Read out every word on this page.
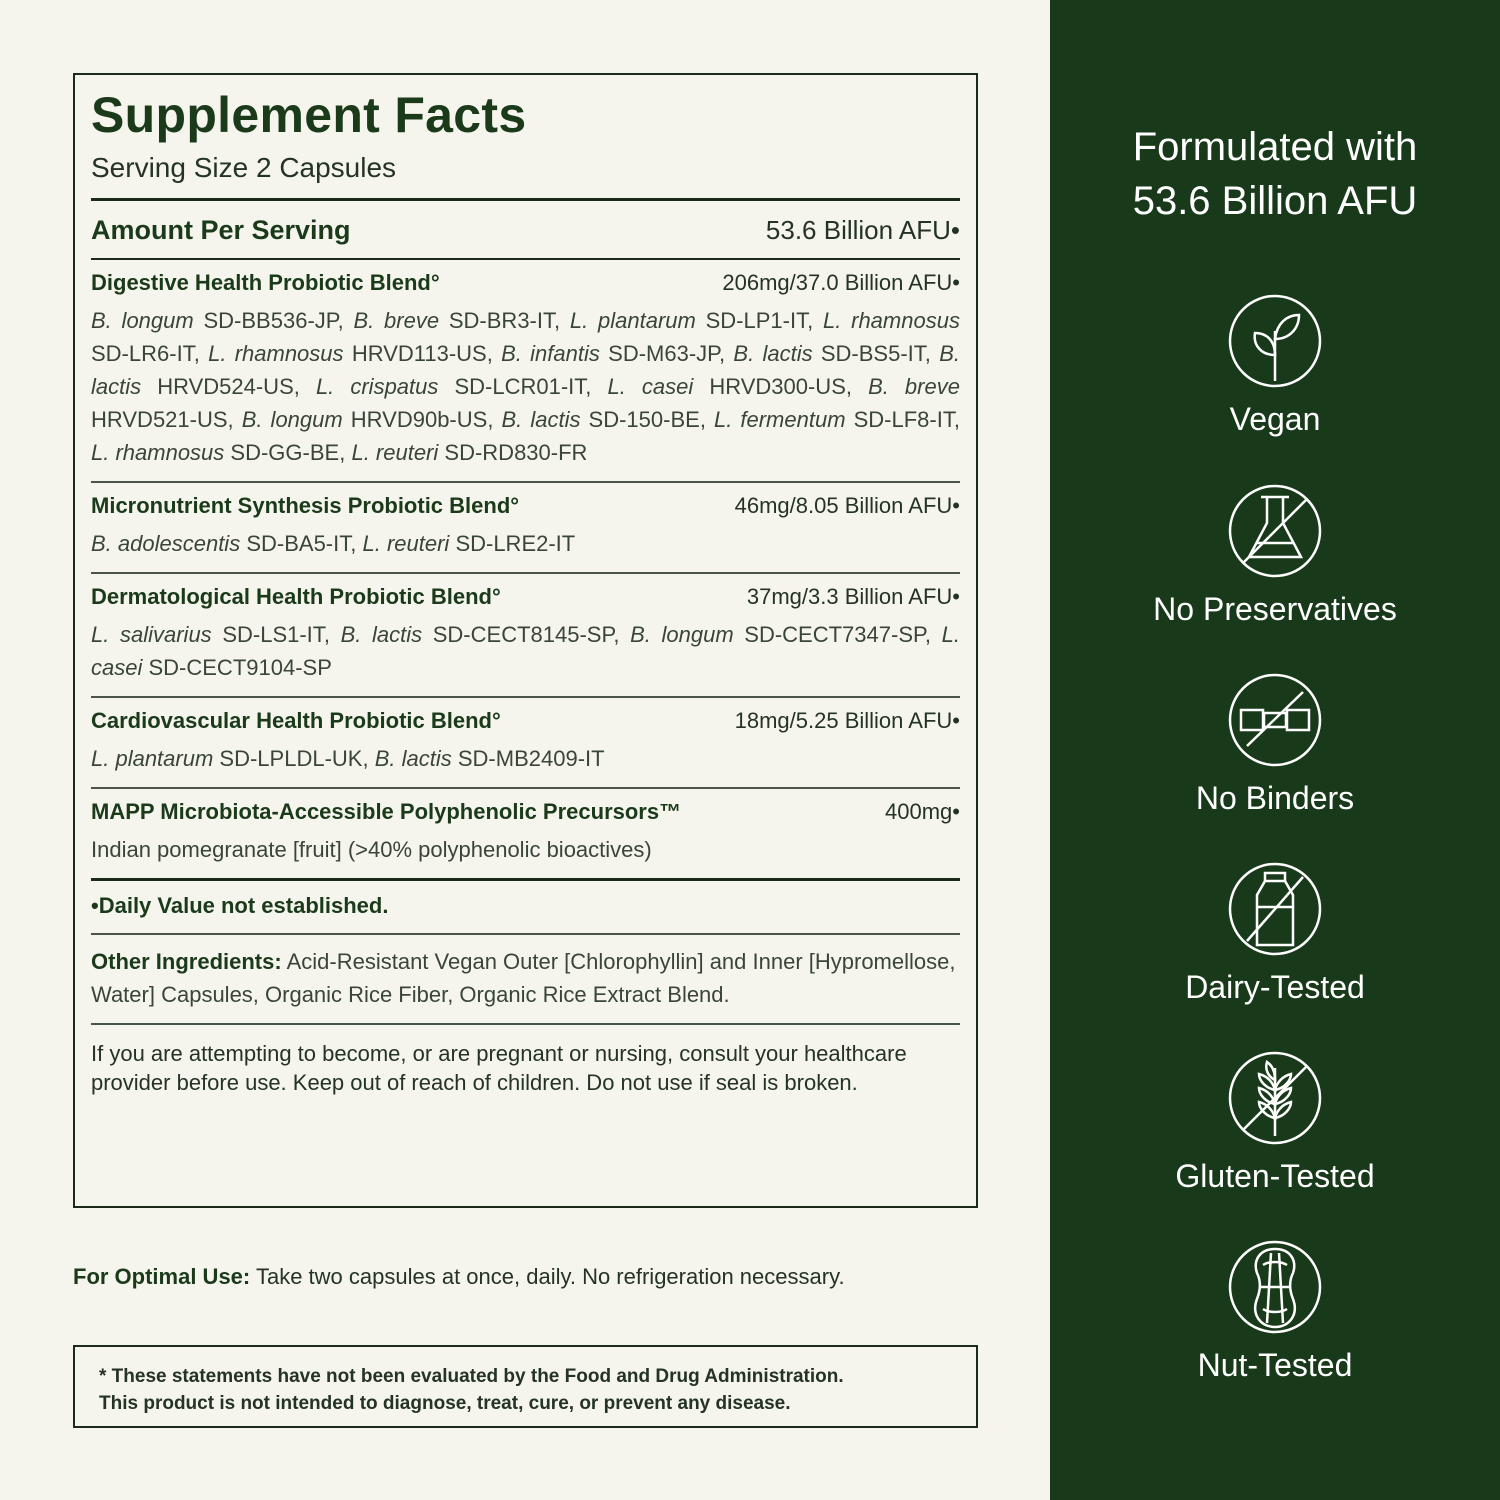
Supplement Facts
Serving Size 2 Capsules
Amount Per Serving	53.6 Billion AFU•
Digestive Health Probiotic Blend°	206mg/37.0 Billion AFU•
B. longum SD-BB536-JP, B. breve SD-BR3-IT, L. plantarum SD-LP1-IT, L. rhamnosus SD-LR6-IT, L. rhamnosus HRVD113-US, B. infantis SD-M63-JP, B. lactis SD-BS5-IT, B. lactis HRVD524-US, L. crispatus SD-LCR01-IT, L. casei HRVD300-US, B. breve HRVD521-US, B. longum HRVD90b-US, B. lactis SD-150-BE, L. fermentum SD-LF8-IT, L. rhamnosus SD-GG-BE, L. reuteri SD-RD830-FR
Micronutrient Synthesis Probiotic Blend°	46mg/8.05 Billion AFU•
B. adolescentis SD-BA5-IT, L. reuteri SD-LRE2-IT
Dermatological Health Probiotic Blend°	37mg/3.3 Billion AFU•
L. salivarius SD-LS1-IT, B. lactis SD-CECT8145-SP, B. longum SD-CECT7347-SP, L. casei SD-CECT9104-SP
Cardiovascular Health Probiotic Blend°	18mg/5.25 Billion AFU•
L. plantarum SD-LPLDL-UK, B. lactis SD-MB2409-IT
MAPP Microbiota-Accessible Polyphenolic Precursors™	400mg•
Indian pomegranate [fruit] (>40% polyphenolic bioactives)
•Daily Value not established.
Other Ingredients: Acid-Resistant Vegan Outer [Chlorophyllin] and Inner [Hypromellose, Water] Capsules, Organic Rice Fiber, Organic Rice Extract Blend.
If you are attempting to become, or are pregnant or nursing, consult your healthcare provider before use. Keep out of reach of children. Do not use if seal is broken.
For Optimal Use: Take two capsules at once, daily. No refrigeration necessary.
* These statements have not been evaluated by the Food and Drug Administration.
This product is not intended to diagnose, treat, cure, or prevent any disease.
Formulated with
53.6 Billion AFU
Vegan
No Preservatives
No Binders
Dairy-Tested
Gluten-Tested
Nut-Tested
